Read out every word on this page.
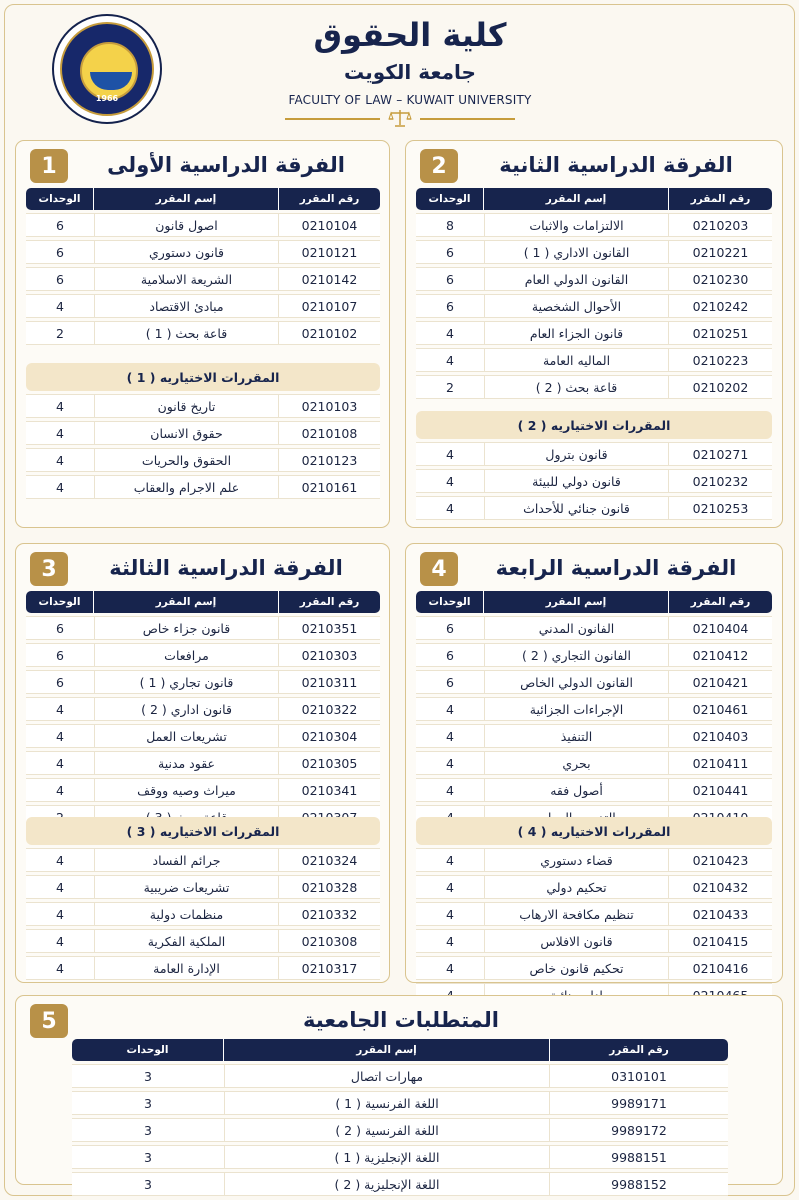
1966
كلية الحقوق
جامعة الكويت
FACULTY OF LAW – KUWAIT UNIVERSITY
1	الفرقة الدراسية الأولى
الوحدات	إسم المقرر	رقم المقرر
6	اصول قانون	0210104
6	قانون دستوري	0210121
6	الشريعة الاسلامية	0210142
4	مبادئ الاقتصاد	0210107
2	قاعة بحث ( 1 )	0210102
المقررات الاختياريه ( 1 )
4	تاريخ قانون	0210103
4	حقوق الانسان	0210108
4	الحقوق والحريات	0210123
4	علم الاجرام والعقاب	0210161
2	الفرقة الدراسية الثانية
الوحدات	إسم المقرر	رقم المقرر
8	الالتزامات والاثبات	0210203
6	القانون الاداري ( 1 )	0210221
6	القانون الدولي العام	0210230
6	الأحوال الشخصية	0210242
4	قانون الجزاء العام	0210251
4	الماليه العامة	0210223
2	قاعة بحث ( 2 )	0210202
المقررات الاختياريه ( 2 )
4	قانون بترول	0210271
4	قانون دولي للبيئة	0210232
4	قانون جنائي للأحداث	0210253
3	الفرقة الدراسية الثالثة
الوحدات	إسم المقرر	رقم المقرر
6	قانون جزاء خاص	0210351
6	مرافعات	0210303
6	قانون تجاري ( 1 )	0210311
4	قانون اداري ( 2 )	0210322
4	تشريعات العمل	0210304
4	عقود مدنية	0210305
4	ميراث وصيه ووقف	0210341

المقررات الاختياريه ( 3 )
4	جرائم الفساد	0210324
4	تشريعات ضريبية	0210328
4	منظمات دولية	0210332
4	الملكية الفكرية	0210308
4	الإدارة العامة	0210317
4	الفرقة الدراسية الرابعة
الوحدات	إسم المقرر	رقم المقرر
6	الفانون المدني	0210404
6	الفانون التجاري ( 2 )	0210412
6	القانون الدولي الخاص	0210421
4	الإجراءات الجزائية	0210461
4	التنفيذ	0210403
4	بحري	0210411
4	أصول فقه	0210441

المقررات الاختياريه ( 4 )
4	قضاء دستوري	0210423
4	تحكيم دولي	0210432
4	تنظيم مكافحة الارهاب	0210433
4	قانون الافلاس	0210415
4	تحكيم قانون خاص	0210416

5	المتطلبات الجامعية
الوحدات	إسم المقرر	رقم المقرر
3	مهارات اتصال	0310101
3	اللغة الفرنسية ( 1 )	9989171
3	اللغة الفرنسية ( 2 )	9989172
3	اللغة الإنجليزية ( 1 )	9988151
3	اللغة الإنجليزية ( 2 )	9988152
